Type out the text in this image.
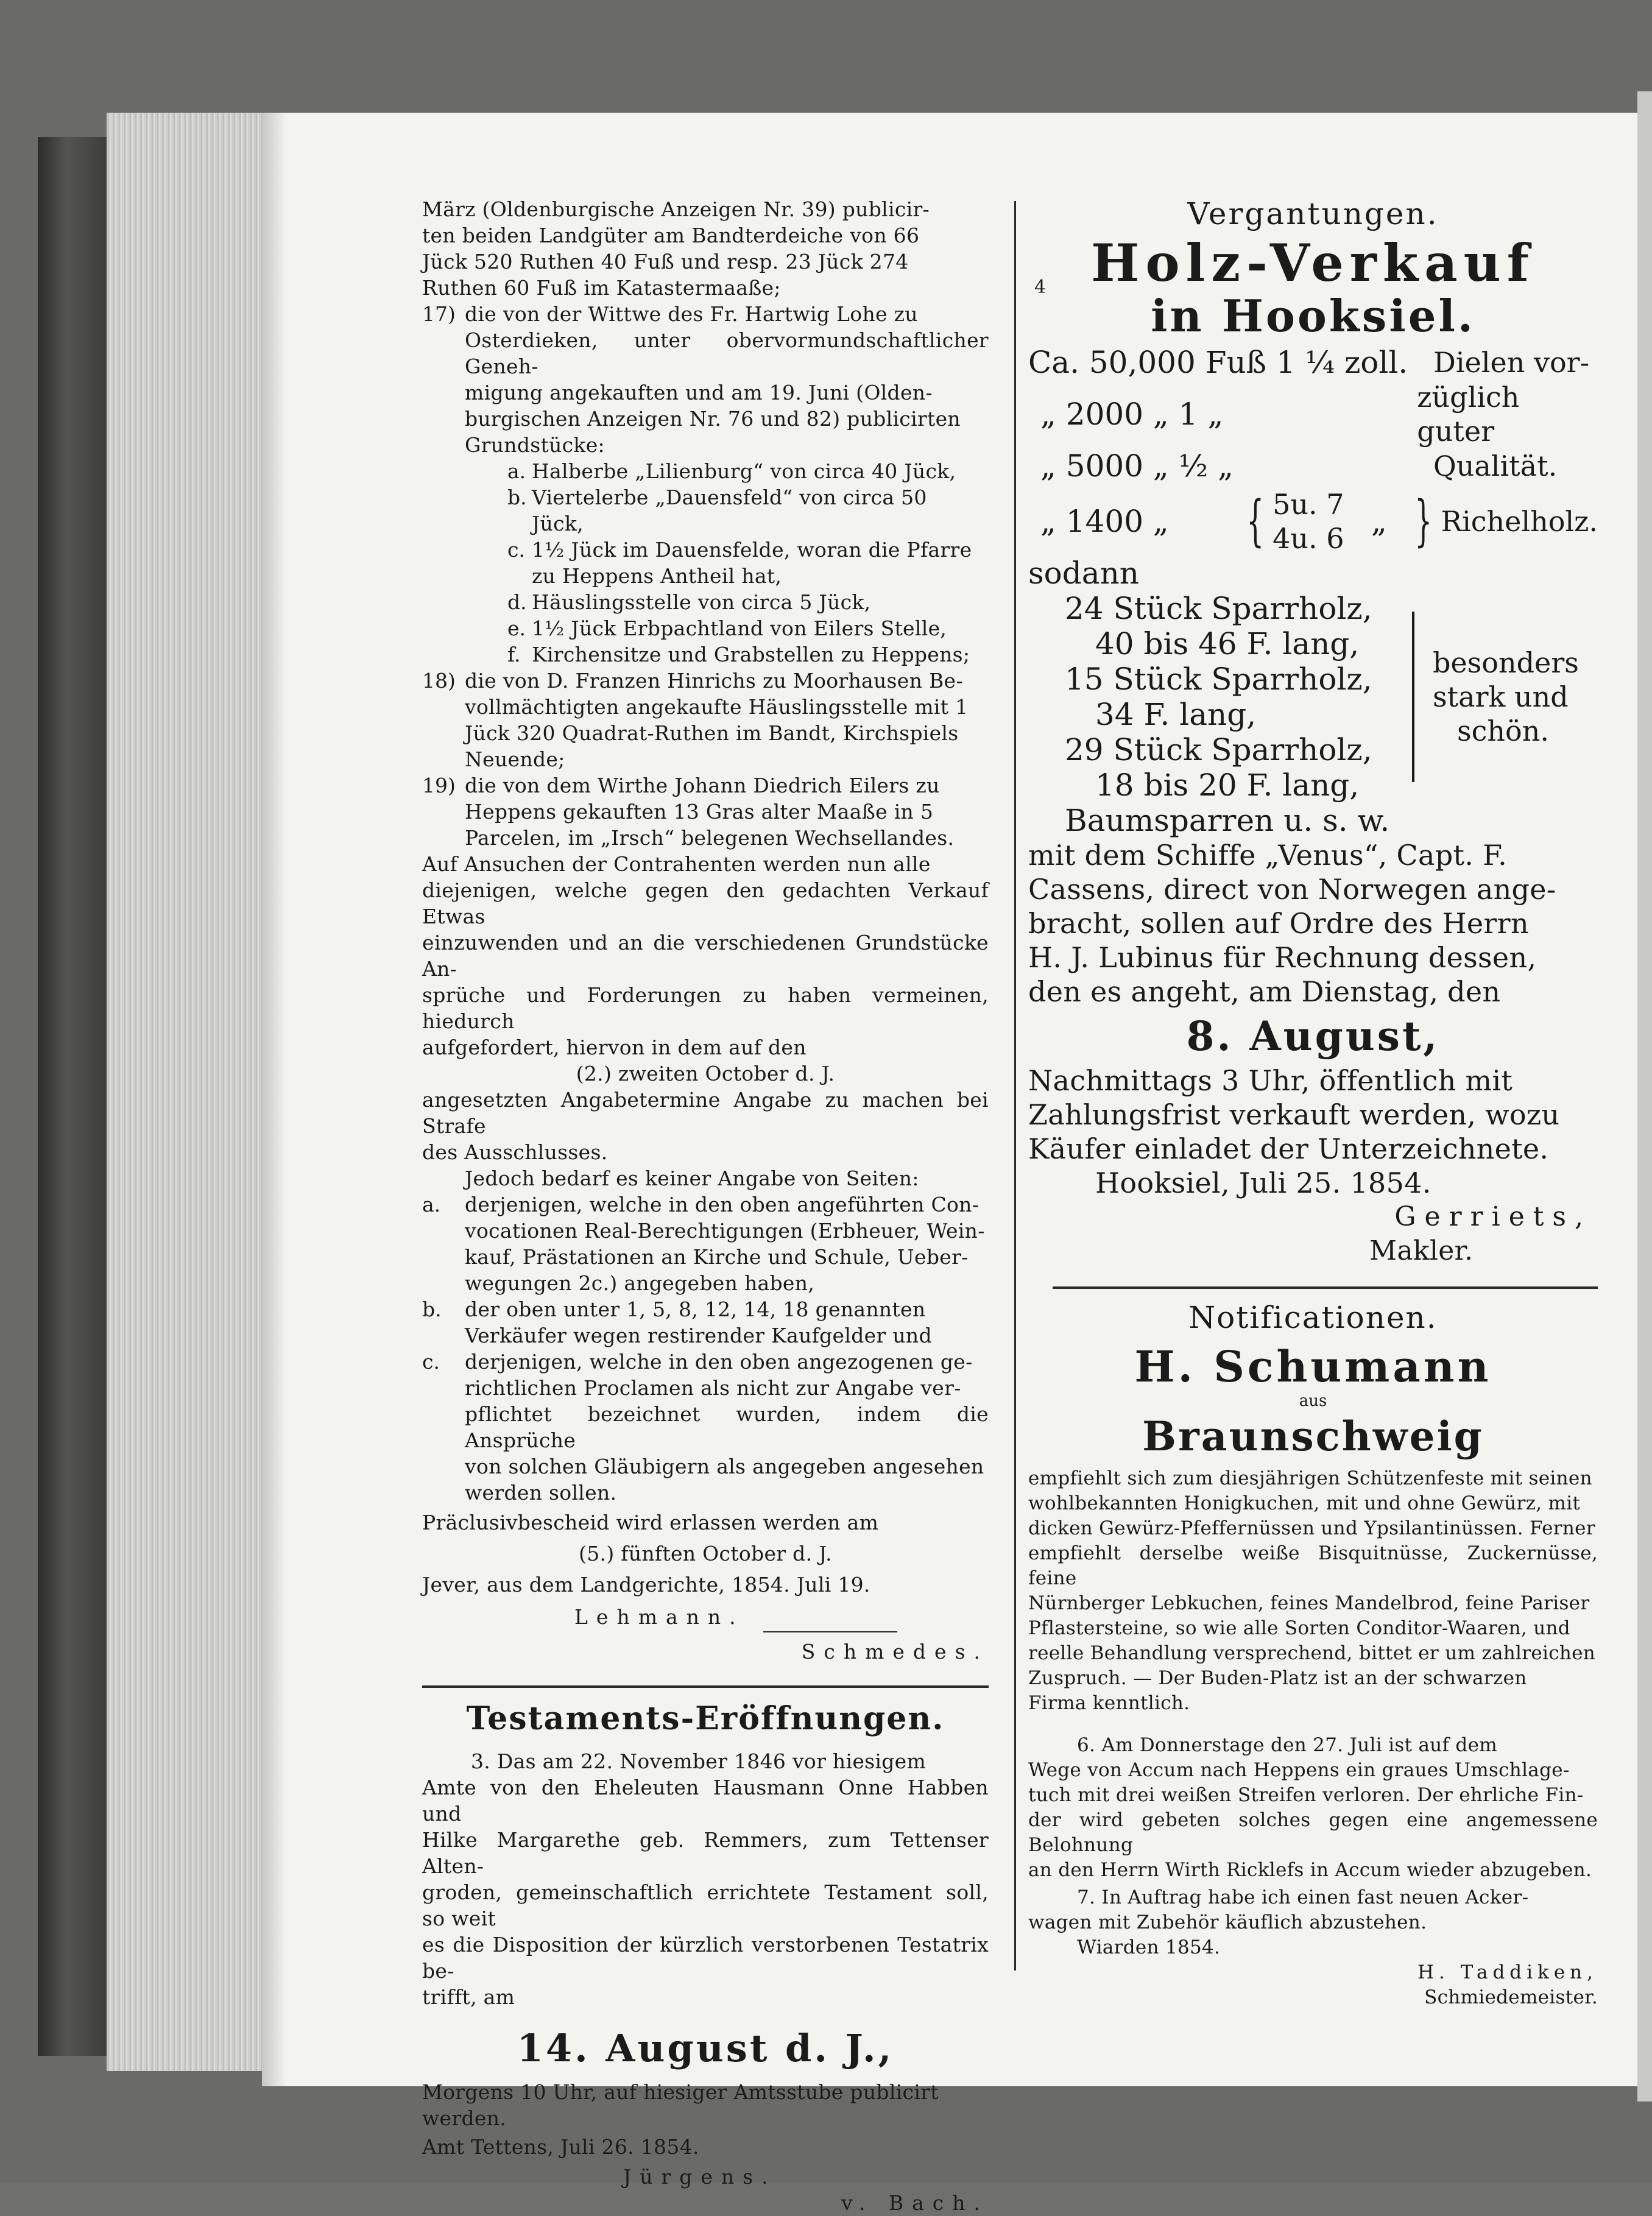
März (Oldenburgische Anzeigen Nr. 39) publicir-

ten beiden Landgüter am Bandterdeiche von 66

Jück 520 Ruthen 40 Fuß und resp. 23 Jück 274

Ruthen 60 Fuß im Katastermaaße;

17) die von der Wittwe des Fr. Hartwig Lohe zu

Osterdieken, unter obervormundschaftlicher Geneh-

migung angekauften und am 19. Juni (Olden-

burgischen Anzeigen Nr. 76 und 82) publicirten

Grundstücke:

a. Halberbe „Lilienburg“ von circa 40 Jück,

b. Viertelerbe „Dauensfeld“ von circa 50

Jück,

c. 1½ Jück im Dauensfelde, woran die Pfarre

zu Heppens Antheil hat,

d. Häuslingsstelle von circa 5 Jück,

e. 1½ Jück Erbpachtland von Eilers Stelle,

f. Kirchensitze und Grabstellen zu Heppens;

18) die von D. Franzen Hinrichs zu Moorhausen Be-

vollmächtigten angekaufte Häuslingsstelle mit 1

Jück 320 Quadrat-Ruthen im Bandt, Kirchspiels

Neuende;

19) die von dem Wirthe Johann Diedrich Eilers zu

Heppens gekauften 13 Gras alter Maaße in 5

Parcelen, im „Irsch“ belegenen Wechsellandes.

Auf Ansuchen der Contrahenten werden nun alle

diejenigen, welche gegen den gedachten Verkauf Etwas

einzuwenden und an die verschiedenen Grundstücke An-

sprüche und Forderungen zu haben vermeinen, hiedurch

aufgefordert, hiervon in dem auf den

(2.) zweiten October d. J.

angesetzten Angabetermine Angabe zu machen bei Strafe

des Ausschlusses.

Jedoch bedarf es keiner Angabe von Seiten:

a.	derjenigen, welche in den oben angeführten Con-

vocationen Real-Berechtigungen (Erbheuer, Wein-

kauf, Prästationen an Kirche und Schule, Ueber-

wegungen 2c.) angegeben haben,

b.	der oben unter 1, 5, 8, 12, 14, 18 genannten

Verkäufer wegen restirender Kaufgelder und

c.	derjenigen, welche in den oben angezogenen ge-

richtlichen Proclamen als nicht zur Angabe ver-

pflichtet bezeichnet wurden, indem die Ansprüche

von solchen Gläubigern als angegeben angesehen

werden sollen.

Präclusivbescheid wird erlassen werden am

(5.) fünften October d. J.

Jever, aus dem Landgerichte, 1854. Juli 19.

Lehmann.

Schmedes.

Testaments-Eröffnungen.

3. Das am 22. November 1846 vor hiesigem

Amte von den Eheleuten Hausmann Onne Habben und

Hilke Margarethe geb. Remmers, zum Tettenser Alten-

groden, gemeinschaftlich errichtete Testament soll, so weit

es die Disposition der kürzlich verstorbenen Testatrix be-

trifft, am

14. August d. J.,

Morgens 10 Uhr, auf hiesiger Amtsstube publicirt

werden.

Amt Tettens, Juli 26. 1854.

Jürgens.

v. Bach.

Vergantungen.
4 Holz-Verkauf
in Hooksiel.
Ca. 50,000 Fuß 1 ¼ zoll. Dielen vor-
„ 2000 „ 1 „	züglich guter
„ 5000 „ ½ „	Qualität.
„ 1400 „	{ 5u. 7
4u. 6 „ } Richelholz.
sodann
24 Stück Sparrholz,
40 bis 46 F. lang,
15 Stück Sparrholz,
34 F. lang,
29 Stück Sparrholz,
18 bis 20 F. lang,
besonders
stark und
schön.
Baumsparren u. s. w.

mit dem Schiffe „Venus“, Capt. F.

Cassens, direct von Norwegen ange-

bracht, sollen auf Ordre des Herrn

H. J. Lubinus für Rechnung dessen,

den es angeht, am Dienstag, den

8. August,

Nachmittags 3 Uhr, öffentlich mit

Zahlungsfrist verkauft werden, wozu

Käufer einladet der Unterzeichnete.

Hooksiel, Juli 25. 1854.

Gerriets,

Makler.

Notificationen.
H. Schumann
aus
Braunschweig

empfiehlt sich zum diesjährigen Schützenfeste mit seinen

wohlbekannten Honigkuchen, mit und ohne Gewürz, mit

dicken Gewürz-Pfeffernüssen und Ypsilantinüssen. Ferner

empfiehlt derselbe weiße Bisquitnüsse, Zuckernüsse, feine

Nürnberger Lebkuchen, feines Mandelbrod, feine Pariser

Pflastersteine, so wie alle Sorten Conditor-Waaren, und

reelle Behandlung versprechend, bittet er um zahlreichen

Zuspruch. — Der Buden-Platz ist an der schwarzen

Firma kenntlich.

6. Am Donnerstage den 27. Juli ist auf dem

Wege von Accum nach Heppens ein graues Umschlage-

tuch mit drei weißen Streifen verloren. Der ehrliche Fin-

der wird gebeten solches gegen eine angemessene Belohnung

an den Herrn Wirth Ricklefs in Accum wieder abzugeben.

7. In Auftrag habe ich einen fast neuen Acker-

wagen mit Zubehör käuflich abzustehen.

Wiarden 1854.

H. Taddiken,

Schmiedemeister.
